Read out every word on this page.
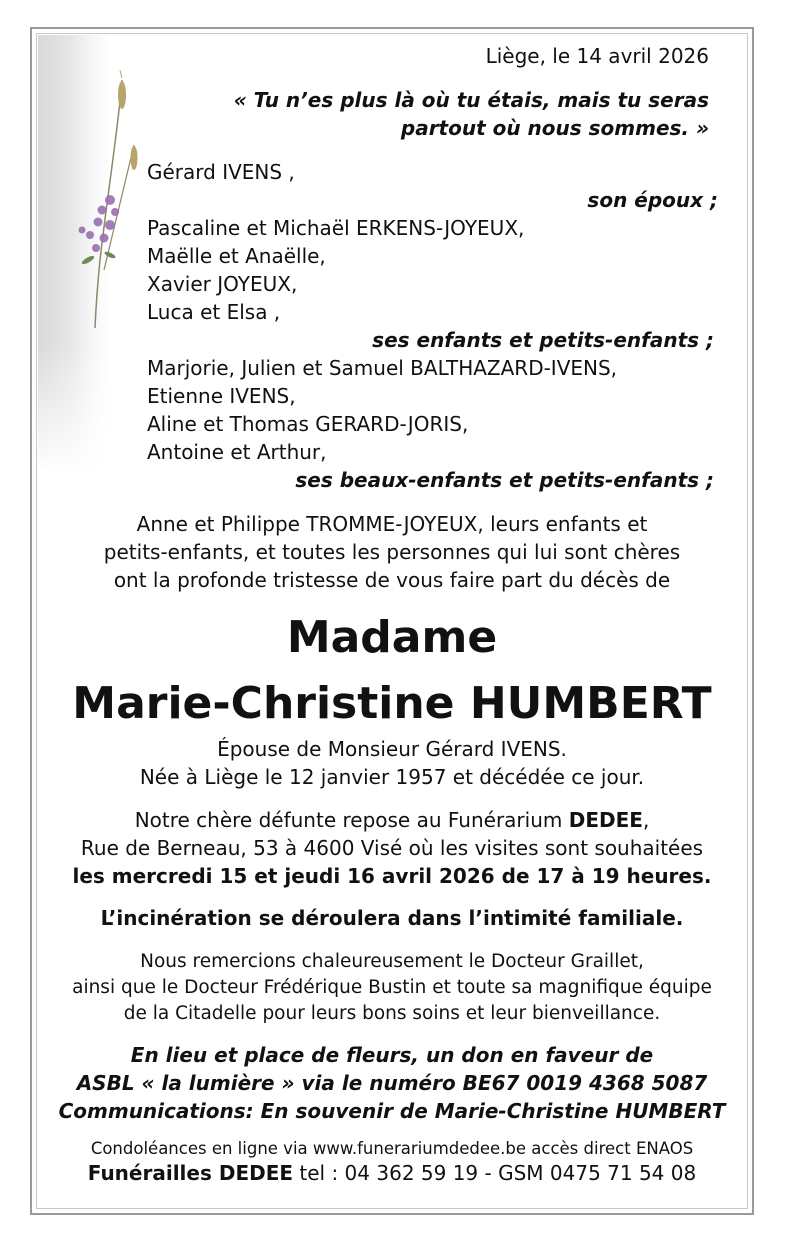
Liège, le 14 avril 2026
« Tu n’es plus là où tu étais, mais tu seras
partout où nous sommes. »
Gérard IVENS ,
son époux ;
Pascaline et Michaël ERKENS-JOYEUX,
Maëlle et Anaëlle,
Xavier JOYEUX,
Luca et Elsa ,
ses enfants et petits-enfants ;
Marjorie, Julien et Samuel BALTHAZARD-IVENS,
Etienne IVENS,
Aline et Thomas GERARD-JORIS,
Antoine et Arthur,
ses beaux-enfants et petits-enfants ;
Anne et Philippe TROMME-JOYEUX, leurs enfants et
petits-enfants, et toutes les personnes qui lui sont chères
ont la profonde tristesse de vous faire part du décès de
Madame
Marie-Christine HUMBERT
Épouse de Monsieur Gérard IVENS.
Née à Liège le 12 janvier 1957 et décédée ce jour.
Notre chère défunte repose au Funérarium DEDEE,
Rue de Berneau, 53 à 4600 Visé où les visites sont souhaitées
les mercredi 15 et jeudi 16 avril 2026 de 17 à 19 heures.
L’incinération se déroulera dans l’intimité familiale.
Nous remercions chaleureusement le Docteur Graillet,
ainsi que le Docteur Frédérique Bustin et toute sa magnifique équipe
de la Citadelle pour leurs bons soins et leur bienveillance.
En lieu et place de fleurs, un don en faveur de
ASBL « la lumière » via le numéro BE67 0019 4368 5087
Communications: En souvenir de Marie-Christine HUMBERT
Condoléances en ligne via www.funerariumdedee.be accès direct ENAOS
Funérailles DEDEE tel : 04 362 59 19 - GSM 0475 71 54 08
